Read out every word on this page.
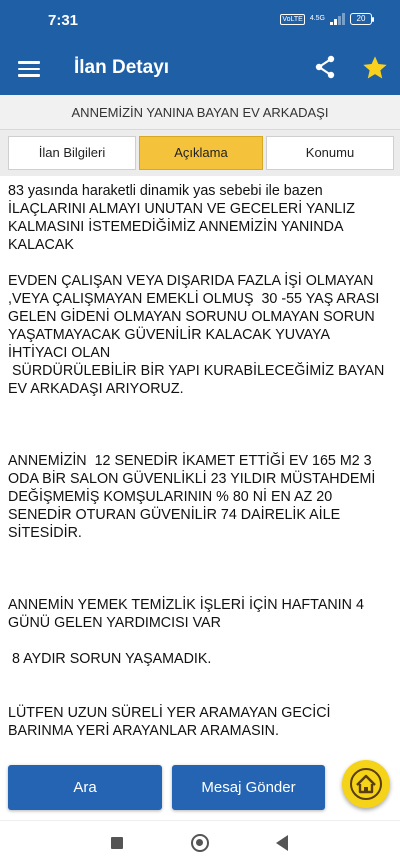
7:31	VoLTE 4.5G	20
İlan Detayı
ANNEMİZİN YANINA BAYAN EV ARKADAŞI
İlan Bilgileri	Açıklama	Konumu
83 yasında haraketli dinamik yas sebebi ile bazen İLAÇLARINI ALMAYI UNUTAN VE GECELERİ YANLIZ KALMASINI İSTEMEDİĞİMİZ ANNEMİZİN YANINDA KALACAK

EVDEN ÇALIŞAN VEYA DIŞARIDA FAZLA İŞİ OLMAYAN ,VEYA ÇALIŞMAYAN EMEKLİ OLMUŞ  30 -55 YAŞ ARASI GELEN GİDENİ OLMAYAN SORUNU OLMAYAN SORUN YAŞATMAYACAK GÜVENİLİR KALACAK YUVAYA İHTİYACI OLAN
SÜRDÜRÜLEBİLİR BİR YAPI KURABİLECEĞİMİZ BAYAN EV ARKADAŞI ARIYORUZ.

ANNEMİZİN  12 SENEDİR İKAMET ETTİĞİ EV 165 M2 3 ODA BİR SALON GÜVENLİKLİ 23 YILDIR MÜSTAHDEMİ DEĞİŞMEMİŞ KOMŞULARININ % 80 Nİ EN AZ 20 SENEDİR OTURAN GÜVENİLİR 74 DAİRELİK AİLE SİTESİDİR.

ANNEMİN YEMEK TEMİZLİK İŞLERİ İÇİN HAFTANIN 4 GÜNÜ GELEN YARDIMCISI VAR

8 AYDIR SORUN YAŞAMADIK.

LÜTFEN UZUN SÜRELİ YER ARAMAYAN GECİCİ BARINMA YERİ ARAYANLAR ARAMASIN.
Ara	Mesaj Gönder
